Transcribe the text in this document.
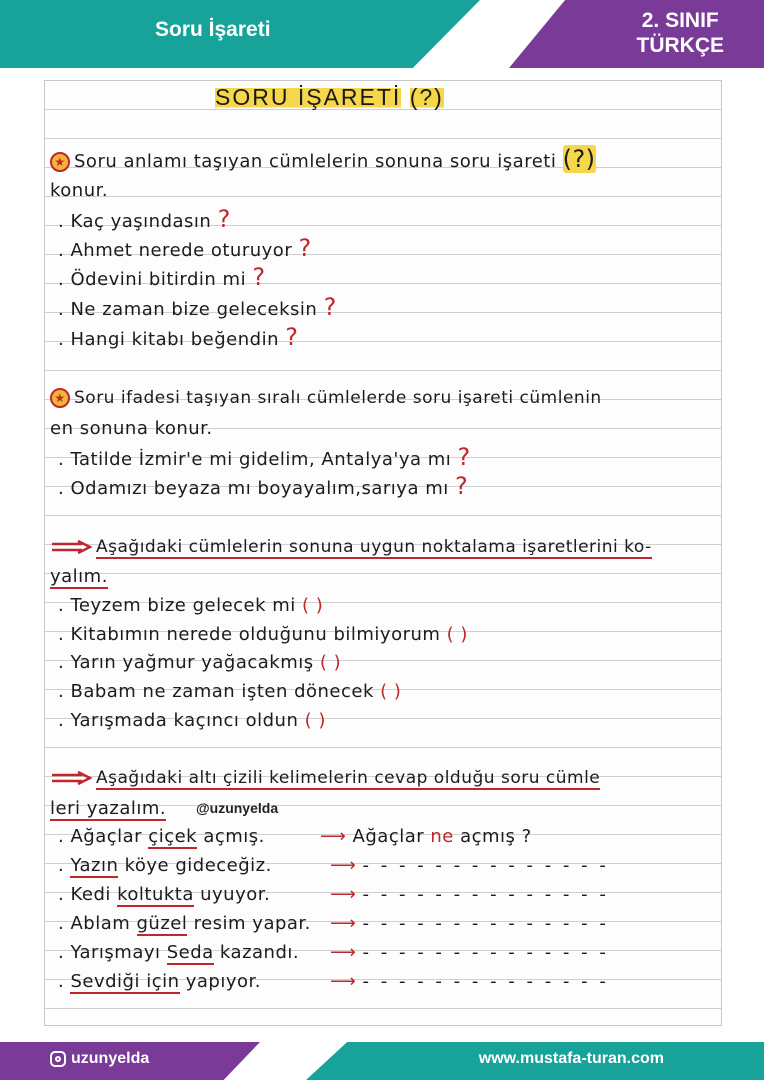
Soru İşareti	2. SINIF
TÜRKÇE
SORU İŞARETİ (?)
★ Soru anlamı taşıyan cümlelerin sonuna soru işareti (?)
konur.
. Kaç yaşındasın ?
. Ahmet nerede oturuyor ?
. Ödevini bitirdin mi ?
. Ne zaman bize geleceksin ?
. Hangi kitabı beğendin ?
★ Soru ifadesi taşıyan sıralı cümlelerde soru işareti cümlenin
en sonuna konur.
. Tatilde İzmir'e mi gidelim, Antalya'ya mı ?
. Odamızı beyaza mı boyayalım,sarıya mı ?
Aşağıdaki cümlelerin sonuna uygun noktalama işaretlerini ko-
yalım.
. Teyzem bize gelecek mi ( )
. Kitabımın nerede olduğunu bilmiyorum ( )
. Yarın yağmur yağacakmış ( )
. Babam ne zaman işten dönecek ( )
. Yarışmada kaçıncı oldun ( )
Aşağıdaki altı çizili kelimelerin cevap olduğu soru cümle
leri yazalım. @uzunyelda
. Ağaçlar çiçek açmış.	⟶ Ağaçlar ne açmış ?
. Yazın köye gideceğiz.	⟶ - - - - - - - - - - - - - -
. Kedi koltukta uyuyor.	⟶ - - - - - - - - - - - - - -
. Ablam güzel resim yapar. ⟶ - - - - - - - - - - - - - -
. Yarışmayı Seda kazandı. ⟶ - - - - - - - - - - - - - -
. Sevdiği için yapıyor.	⟶ - - - - - - - - - - - - - -
uzunyelda	www.mustafa-turan.com
